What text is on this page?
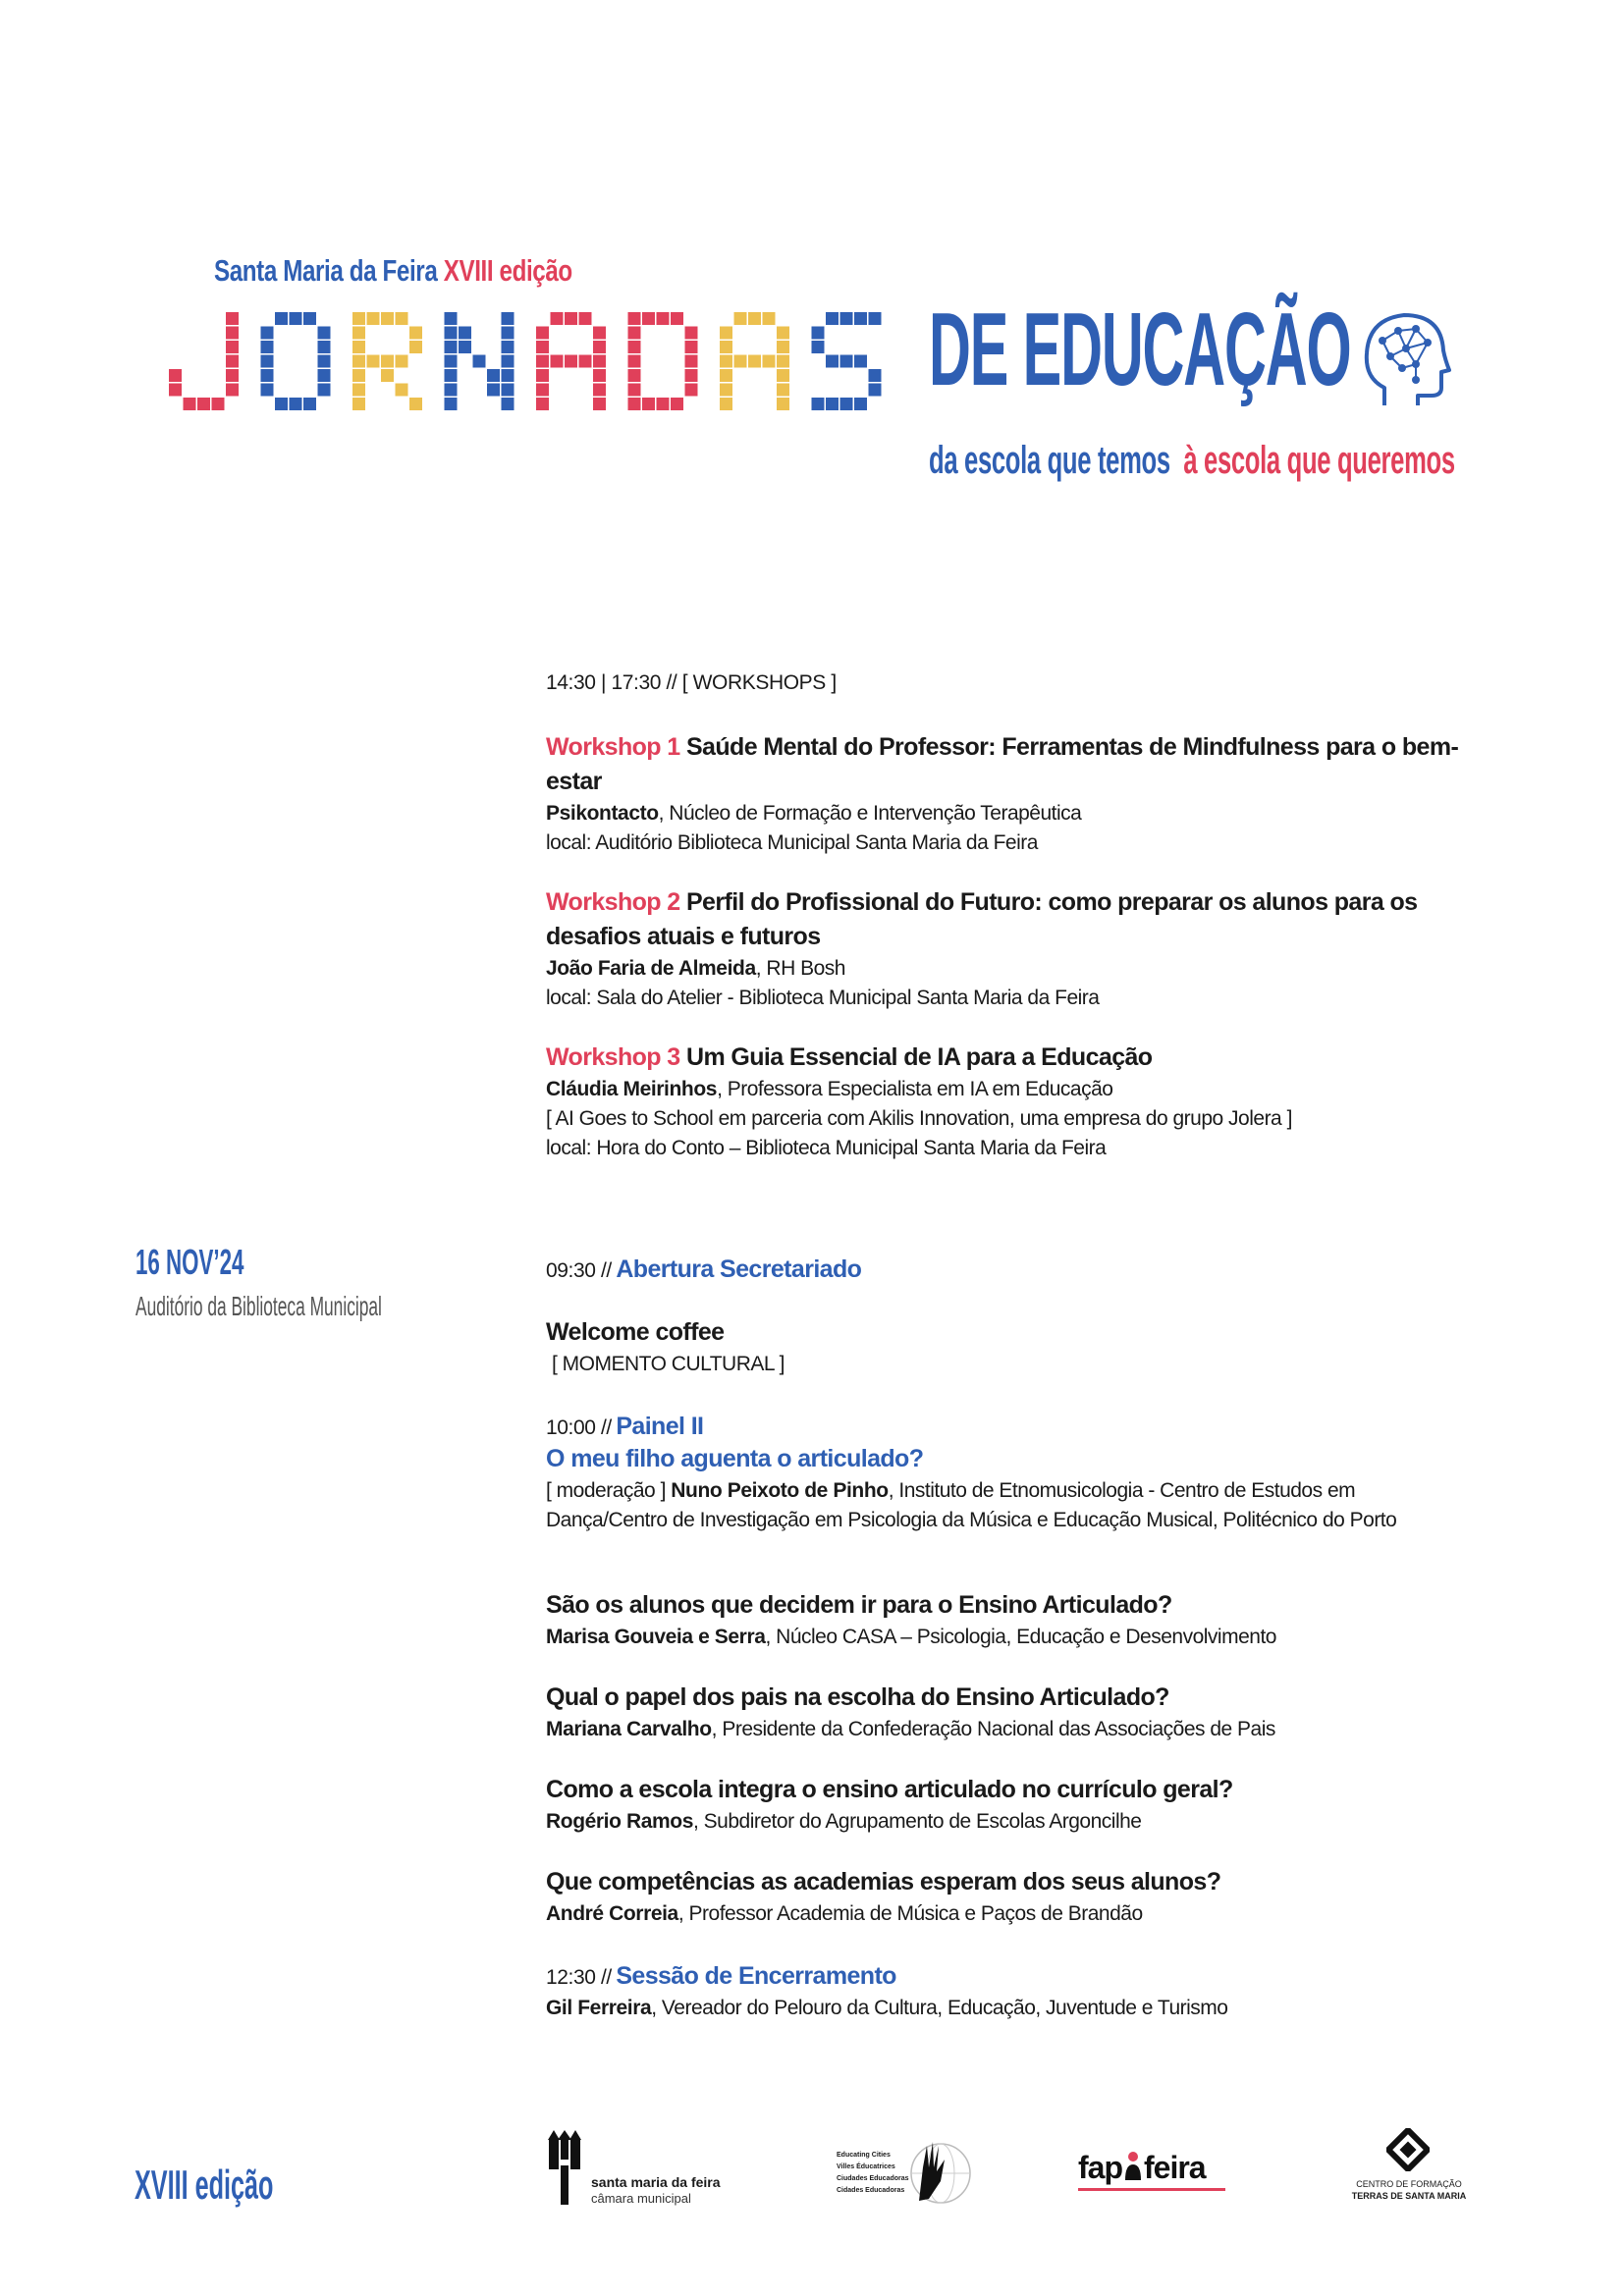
Santa Maria da Feira XVIII edição
DE EDUCAÇÃO
da escola que temos à escola que queremos
14:30 | 17:30 // [ WORKSHOPS ]
Workshop 1 Saúde Mental do Professor: Ferramentas de Mindfulness para o bem-estar
Psikontacto, Núcleo de Formação e Intervenção Terapêutica
local: Auditório Biblioteca Municipal Santa Maria da Feira
Workshop 2 Perfil do Profissional do Futuro: como preparar os alunos para os desafios atuais e futuros
João Faria de Almeida, RH Bosh
local: Sala do Atelier - Biblioteca Municipal Santa Maria da Feira
Workshop 3 Um Guia Essencial de IA para a Educação
Cláudia Meirinhos, Professora Especialista em IA em Educação
[ AI Goes to School em parceria com Akilis Innovation, uma empresa do grupo Jolera ]
local: Hora do Conto – Biblioteca Municipal Santa Maria da Feira
16 NOV’24
Auditório da Biblioteca Municipal
09:30 // Abertura Secretariado
Welcome coffee
[ MOMENTO CULTURAL ]
10:00 // Painel II
O meu filho aguenta o articulado?
[ moderação ] Nuno Peixoto de Pinho, Instituto de Etnomusicologia - Centro de Estudos em Dança/Centro de Investigação em Psicologia da Música e Educação Musical, Politécnico do Porto
São os alunos que decidem ir para o Ensino Articulado?
Marisa Gouveia e Serra, Núcleo CASA – Psicologia, Educação e Desenvolvimento
Qual o papel dos pais na escolha do Ensino Articulado?
Mariana Carvalho, Presidente da Confederação Nacional das Associações de Pais
Como a escola integra o ensino articulado no currículo geral?
Rogério Ramos, Subdiretor do Agrupamento de Escolas Argoncilhe
Que competências as academias esperam dos seus alunos?
André Correia, Professor Academia de Música e Paços de Brandão
12:30 // Sessão de Encerramento
Gil Ferreira, Vereador do Pelouro da Cultura, Educação, Juventude e Turismo
XVIII edição	santa maria da feira
câmara municipal
Educating Cities
Villes Éducatrices
Ciudades Educadoras
Cidades Educadoras
fap feira	CENTRO DE FORMAÇÃO
TERRAS DE SANTA MARIA
